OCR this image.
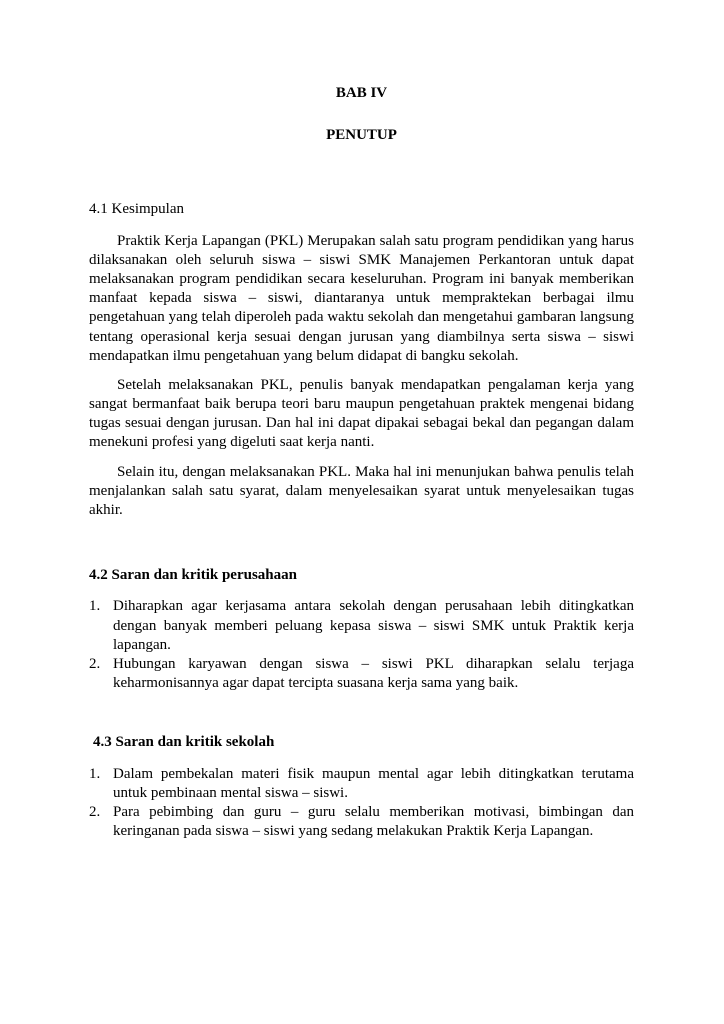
BAB IV
PENUTUP
4.1 Kesimpulan

Praktik Kerja Lapangan (PKL) Merupakan salah satu program pendidikan yang harus dilaksanakan oleh seluruh siswa – siswi SMK Manajemen Perkantoran untuk dapat melaksanakan program pendidikan secara keseluruhan. Program ini banyak memberikan manfaat kepada siswa – siswi, diantaranya untuk mempraktekan berbagai ilmu pengetahuan yang telah diperoleh pada waktu sekolah dan mengetahui gambaran langsung tentang operasional kerja sesuai dengan jurusan yang diambilnya serta siswa – siswi mendapatkan ilmu pengetahuan yang belum didapat di bangku sekolah.

Setelah melaksanakan PKL, penulis banyak mendapatkan pengalaman kerja yang sangat bermanfaat baik berupa teori baru maupun pengetahuan praktek mengenai bidang tugas sesuai dengan jurusan. Dan hal ini dapat dipakai sebagai bekal dan pegangan dalam menekuni profesi yang digeluti saat kerja nanti.

Selain itu, dengan melaksanakan PKL. Maka hal ini menunjukan bahwa penulis telah menjalankan salah satu syarat, dalam menyelesaikan syarat untuk menyelesaikan tugas akhir.

4.2 Saran dan kritik perusahaan
1. Diharapkan agar kerjasama antara sekolah dengan perusahaan lebih ditingkatkan dengan banyak memberi peluang kepasa siswa – siswi SMK untuk Praktik kerja lapangan.
2. Hubungan karyawan dengan siswa – siswi PKL diharapkan selalu terjaga keharmonisannya agar dapat tercipta suasana kerja sama yang baik.
4.3 Saran dan kritik sekolah
1. Dalam pembekalan materi fisik maupun mental agar lebih ditingkatkan terutama untuk pembinaan mental siswa – siswi.
2. Para pebimbing dan guru – guru selalu memberikan motivasi, bimbingan dan keringanan pada siswa – siswi yang sedang melakukan Praktik Kerja Lapangan.
